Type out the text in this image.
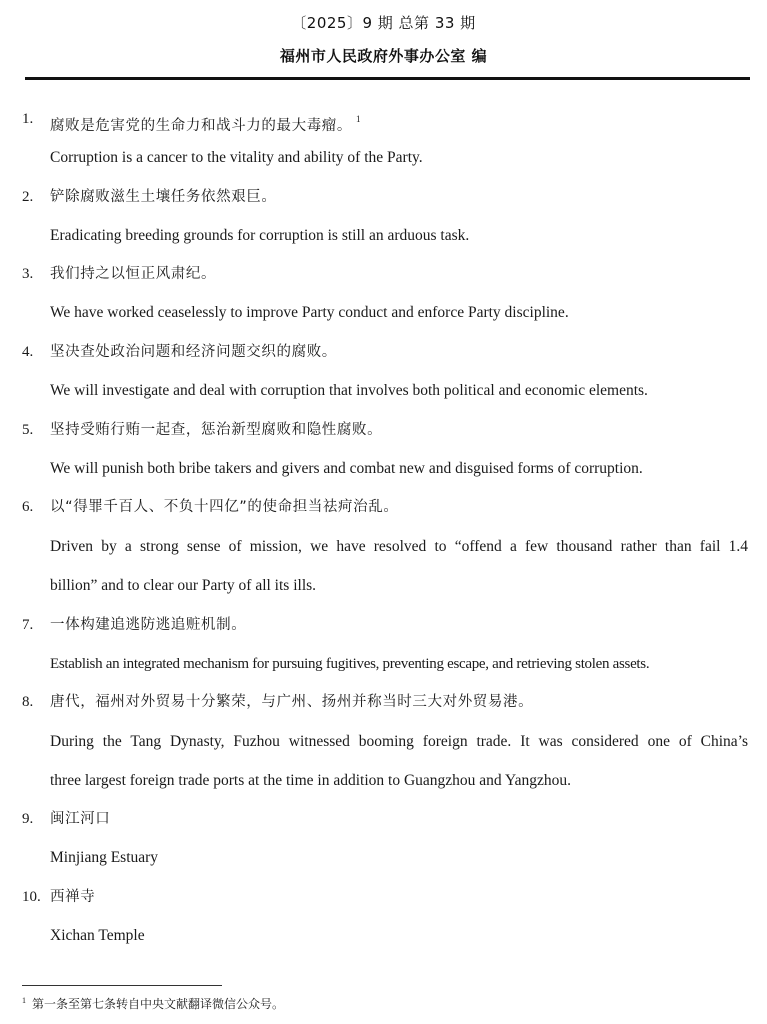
〔2025〕9 期 总第 33 期
福州市人民政府外事办公室 编
1. 腐败是危害党的生命力和战斗力的最大毒瘤。 $^1$
Corruption is a cancer to the vitality and ability of the Party.
2. 铲除腐败滋生土壤任务依然艰巨。
Eradicating breeding grounds for corruption is still an arduous task.
3. 我们持之以恒正风肃纪。
We have worked ceaselessly to improve Party conduct and enforce Party discipline.
4. 坚决查处政治问题和经济问题交织的腐败。
We will investigate and deal with corruption that involves both political and economic elements.
5. 坚持受贿行贿一起查，惩治新型腐败和隐性腐败。
We will punish both bribe takers and givers and combat new and disguised forms of corruption.
6. 以“得罪千百人、不负十四亿”的使命担当祛疴治乱。
Driven by a strong sense of mission, we have resolved to “offend a few thousand rather than fail 1.4
billion” and to clear our Party of all its ills.
7. 一体构建追逃防逃追赃机制。
Establish an integrated mechanism for pursuing fugitives, preventing escape, and retrieving stolen assets.
8. 唐代，福州对外贸易十分繁荣，与广州、扬州并称当时三大对外贸易港。
During the Tang Dynasty, Fuzhou witnessed booming foreign trade. It was considered one of China’s
three largest foreign trade ports at the time in addition to Guangzhou and Yangzhou.
9. 闽江河口
Minjiang Estuary
10. 西禅寺
Xichan Temple
$^1$ 第一条至第七条转自中央文献翻译微信公众号。
